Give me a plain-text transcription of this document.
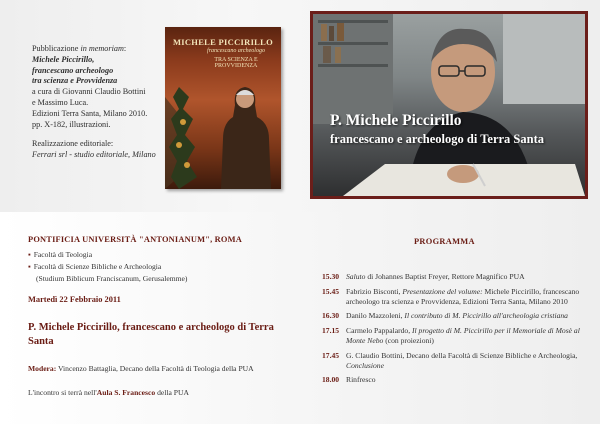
Pubblicazione in memoriam:

Michele Piccirillo,

francescano archeologo

tra scienza e Provvidenza

a cura di Giovanni Claudio Bottini

e Massimo Luca.

Edizioni Terra Santa, Milano 2010.

pp. X-182, illustrazioni.

Realizzazione editoriale:

Ferrari srl - studio editoriale, Milano

MICHELE PICCIRILLO
francescano archeologo
TRA SCIENZA E PROVVIDENZA
P. Michele Piccirillo
francescano e archeologo di Terra Santa
PONTIFICIA UNIVERSITÀ "ANTONIANUM", ROMA
▪ Facoltà di Teologia
▪ Facoltà di Scienze Bibliche e Archeologia
(Studium Biblicum Franciscanum, Gerusalemme)
Martedì 22 Febbraio 2011
P. Michele Piccirillo, francescano e archeologo di Terra Santa
Modera: Vincenzo Battaglia, Decano della Facoltà di Teologia della PUA
L'incontro si terrà nell'Aula S. Francesco della PUA
PROGRAMMA
15.30 Saluto di Johannes Baptist Freyer, Rettore Magnifico PUA
15.45 Fabrizio Bisconti, Presentazione del volume: Michele Piccirillo, francescano archeologo tra scienza e Provvidenza, Edizioni Terra Santa, Milano 2010
16.30 Danilo Mazzoleni, Il contributo di M. Piccirillo all'archeologia cristiana
17.15 Carmelo Pappalardo, Il progetto di M. Piccirillo per il Memoriale di Mosè al Monte Nebo (con proiezioni)
17.45 G. Claudio Bottini, Decano della Facoltà di Scienze Bibliche e Archeologia, Conclusione
18.00 Rinfresco
